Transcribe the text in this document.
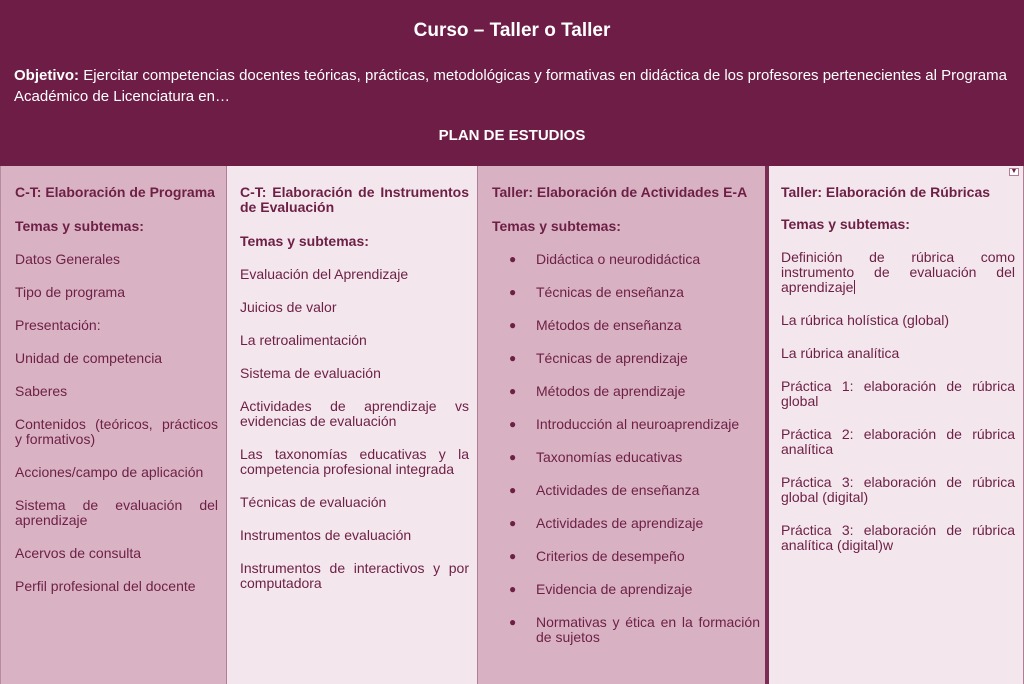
Curso – Taller o Taller
Objetivo: Ejercitar competencias docentes teóricas, prácticas, metodológicas y formativas en didáctica de los profesores pertenecientes al Programa Académico de Licenciatura en…
PLAN DE ESTUDIOS
C-T: Elaboración de Programa
Temas y subtemas:
Datos Generales
Tipo de programa
Presentación:
Unidad de competencia
Saberes
Contenidos (teóricos, prácticos y formativos)
Acciones/campo de aplicación
Sistema de evaluación del aprendizaje
Acervos de consulta
Perfil profesional del docente
C-T: Elaboración de Instrumentos de Evaluación
Temas y subtemas:
Evaluación del Aprendizaje
Juicios de valor
La retroalimentación
Sistema de evaluación
Actividades de aprendizaje vs evidencias de evaluación
Las taxonomías educativas y la competencia profesional integrada
Técnicas de evaluación
Instrumentos de evaluación
Instrumentos de interactivos y por computadora
Taller: Elaboración de Actividades E-A
Temas y subtemas:
● Didáctica o neurodidáctica
● Técnicas de enseñanza
● Métodos de enseñanza
● Técnicas de aprendizaje
● Métodos de aprendizaje
● Introducción al neuroaprendizaje
● Taxonomías educativas
● Actividades de enseñanza
● Actividades de aprendizaje
● Criterios de desempeño
● Evidencia de aprendizaje
● Normativas y ética en la formación de sujetos
▼
Taller: Elaboración de Rúbricas
Temas y subtemas:
Definición de rúbrica como instrumento de evaluación del aprendizaje
La rúbrica holística (global)
La rúbrica analítica
Práctica 1: elaboración de rúbrica global
Práctica 2: elaboración de rúbrica analítica
Práctica 3: elaboración de rúbrica global (digital)
Práctica 3: elaboración de rúbrica analítica (digital)w
